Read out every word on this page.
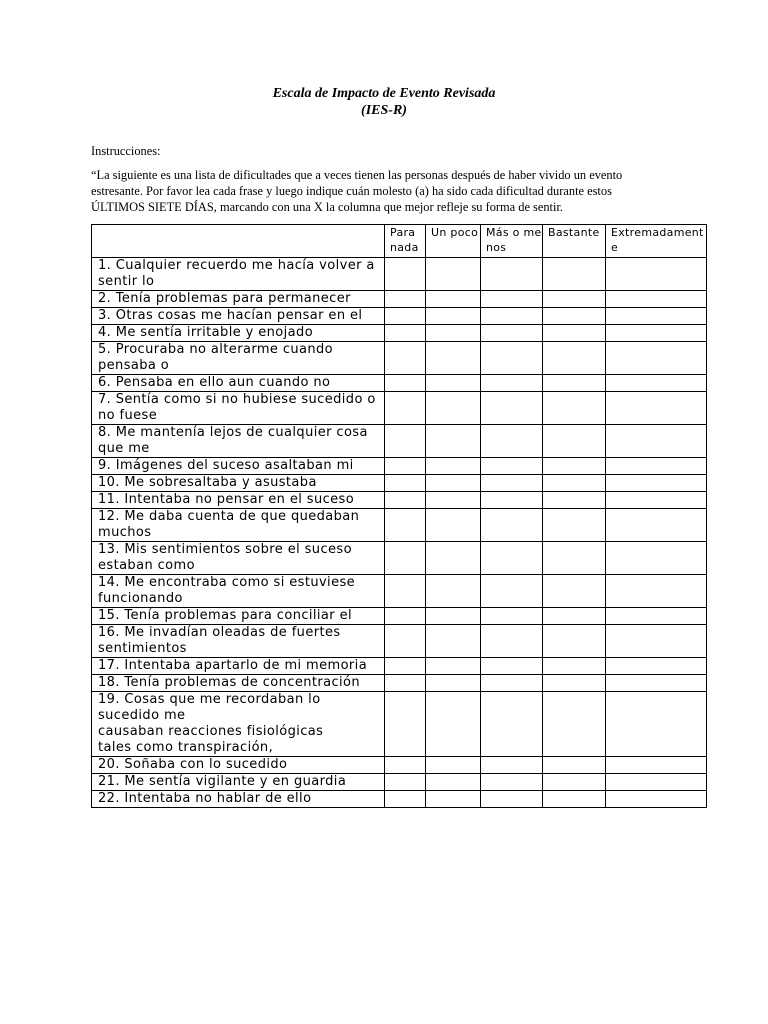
Escala de Impacto de Evento Revisada
(IES-R)
Instrucciones:
“La siguiente es una lista de dificultades que a veces tienen las personas después de haber vivido un evento
estresante. Por favor lea cada frase y luego indique cuán molesto (a) ha sido cada dificultad durante estos
ÚLTIMOS SIETE DÍAS, marcando con una X la columna que mejor refleje su forma de sentir.
	Para nada	Un poco	Más o menos	Bastante	Extremadamente

1. Cualquier recuerdo me hacía volver a
sentir lo					

2. Tenía problemas para permanecer					

3. Otras cosas me hacían pensar en el					

4. Me sentía irritable y enojado					

5. Procuraba no alterarme cuando
pensaba o					

6. Pensaba en ello aun cuando no					

7. Sentía como si no hubiese sucedido o
no fuese					

8. Me mantenía lejos de cualquier cosa
que me					

9. Imágenes del suceso asaltaban mi					

10. Me sobresaltaba y asustaba					

11. Intentaba no pensar en el suceso					

12. Me daba cuenta de que quedaban
muchos					

13. Mis sentimientos sobre el suceso
estaban como					

14. Me encontraba como si estuviese
funcionando					

15. Tenía problemas para conciliar el					

16. Me invadían oleadas de fuertes
sentimientos					

17. Intentaba apartarlo de mi memoria					

18. Tenía problemas de concentración					

19. Cosas que me recordaban lo
sucedido me
causaban reacciones fisiológicas
tales como transpiración,					

20. Soñaba con lo sucedido					

21. Me sentía vigilante y en guardia					

22. Intentaba no hablar de ello					
